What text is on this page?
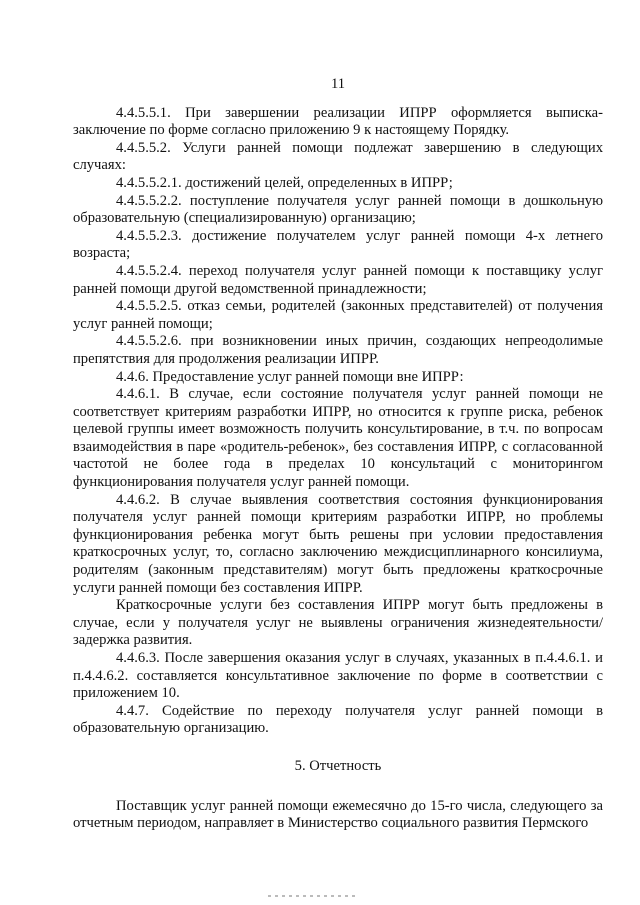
11

4.4.5.5.1. При завершении реализации ИПРР оформляется выписка-заключение по форме согласно приложению 9 к настоящему Порядку.

4.4.5.5.2. Услуги ранней помощи подлежат завершению в следующих случаях:

4.4.5.5.2.1. достижений целей, определенных в ИПРР;

4.4.5.5.2.2. поступление получателя услуг ранней помощи в дошкольную образовательную (специализированную) организацию;

4.4.5.5.2.3. достижение получателем услуг ранней помощи 4-х летнего возраста;

4.4.5.5.2.4. переход получателя услуг ранней помощи к поставщику услуг ранней помощи другой ведомственной принадлежности;

4.4.5.5.2.5. отказ семьи, родителей (законных представителей) от получения услуг ранней помощи;

4.4.5.5.2.6. при возникновении иных причин, создающих непреодолимые препятствия для продолжения реализации ИПРР.

4.4.6. Предоставление услуг ранней помощи вне ИПРР:

4.4.6.1. В случае, если состояние получателя услуг ранней помощи не соответствует критериям разработки ИПРР, но относится к группе риска, ребенок целевой группы имеет возможность получить консультирование, в т.ч. по вопросам взаимодействия в паре «родитель-ребенок», без составления ИПРР, с согласованной частотой не более года в пределах 10 консультаций с мониторингом функционирования получателя услуг ранней помощи.

4.4.6.2. В случае выявления соответствия состояния функционирования получателя услуг ранней помощи критериям разработки ИПРР, но проблемы функционирования ребенка могут быть решены при условии предоставления краткосрочных услуг, то, согласно заключению междисциплинарного консилиума, родителям (законным представителям) могут быть предложены краткосрочные услуги ранней помощи без составления ИПРР.

Краткосрочные услуги без составления ИПРР могут быть предложены в случае, если у получателя услуг не выявлены ограничения жизнедеятельности/задержка развития.

4.4.6.3. После завершения оказания услуг в случаях, указанных в п.4.4.6.1. и п.4.4.6.2. составляется консультативное заключение по форме в соответствии с приложением 10.

4.4.7. Содействие по переходу получателя услуг ранней помощи в образовательную организацию.

5. Отчетность

Поставщик услуг ранней помощи ежемесячно до 15-го числа, следующего за отчетным периодом, направляет в Министерство социального развития Пермского
